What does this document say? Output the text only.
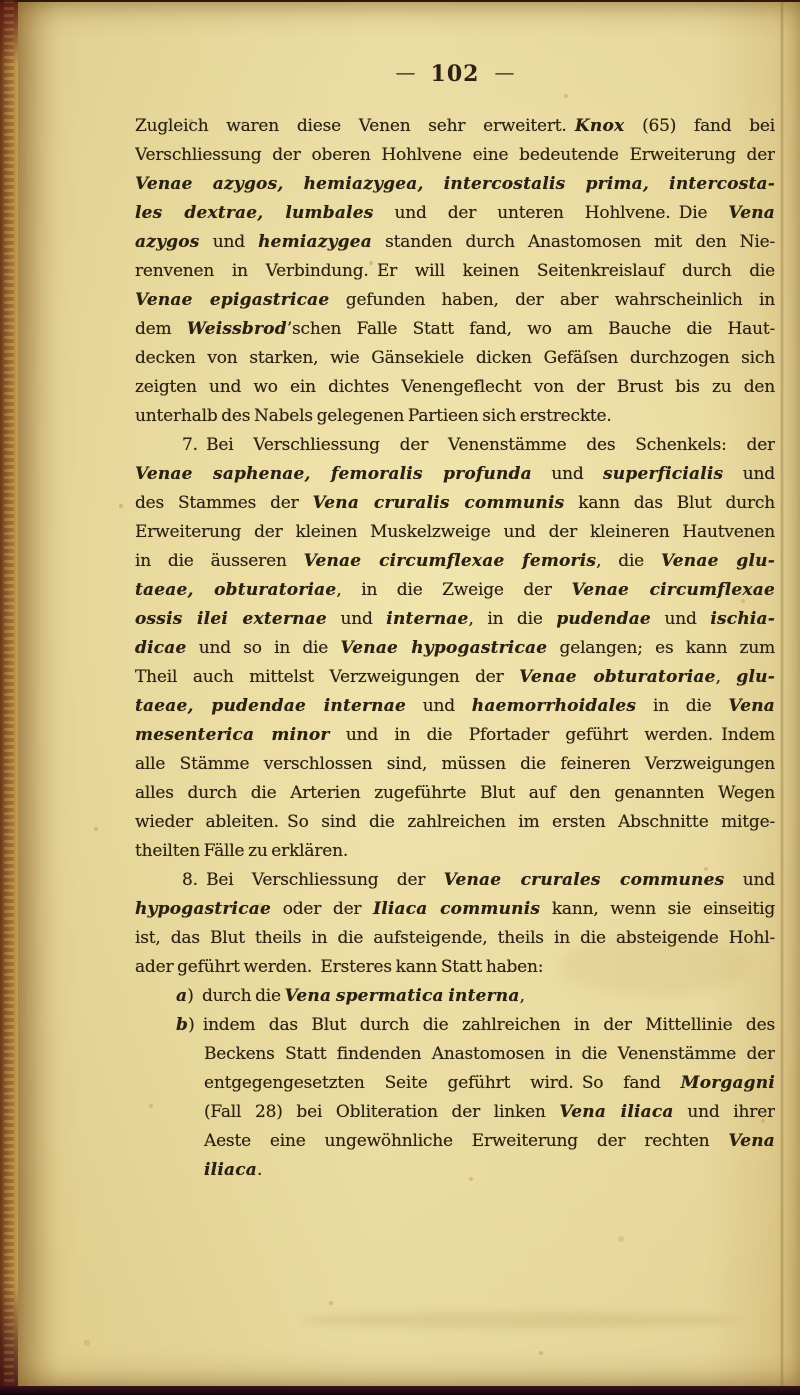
— 102 —
Zugleich waren diese Venen sehr erweitert. Knox (65) fand bei
Verschliessung der oberen Hohlvene eine bedeutende Erweiterung der
Venae azygos, hemiazygea, intercostalis prima, intercosta-
les dextrae, lumbales und der unteren Hohlvene. Die Vena
azygos und hemiazygea standen durch Anastomosen mit den Nie-
renvenen in Verbindung. Er will keinen Seitenkreislauf durch die
Venae epigastricae gefunden haben, der aber wahrscheinlich in
dem Weissbrod’schen Falle Statt fand, wo am Bauche die Haut-
decken von starken, wie Gänsekiele dicken Gefäſsen durchzogen sich
zeigten und wo ein dichtes Venengeflecht von der Brust bis zu den
unterhalb des Nabels gelegenen Partieen sich erstreckte.
7. Bei Verschliessung der Venenstämme des Schenkels: der
Venae saphenae, femoralis profunda und superficialis und
des Stammes der Vena cruralis communis kann das Blut durch
Erweiterung der kleinen Muskelzweige und der kleineren Hautvenen
in die äusseren Venae circumflexae femoris, die Venae glu-
taeae, obturatoriae, in die Zweige der Venae circumflexae
ossis ilei externae und internae, in die pudendae und ischia-
dicae und so in die Venae hypogastricae gelangen; es kann zum
Theil auch mittelst Verzweigungen der Venae obturatoriae, glu-
taeae, pudendae internae und haemorrhoidales in die Vena
mesenterica minor und in die Pfortader geführt werden. Indem
alle Stämme verschlossen sind, müssen die feineren Verzweigungen
alles durch die Arterien zugeführte Blut auf den genannten Wegen
wieder ableiten. So sind die zahlreichen im ersten Abschnitte mitge-
theilten Fälle zu erklären.
8. Bei Verschliessung der Venae crurales communes und
hypogastricae oder der Iliaca communis kann, wenn sie einseitig
ist, das Blut theils in die aufsteigende, theils in die absteigende Hohl-
ader geführt werden. Ersteres kann Statt haben:
a) durch die Vena spermatica interna,
b) indem das Blut durch die zahlreichen in der Mittellinie des
Beckens Statt findenden Anastomosen in die Venenstämme der
entgegengesetzten Seite geführt wird. So fand Morgagni
(Fall 28) bei Obliteration der linken Vena iliaca und ihrer
Aeste eine ungewöhnliche Erweiterung der rechten Vena
iliaca.
